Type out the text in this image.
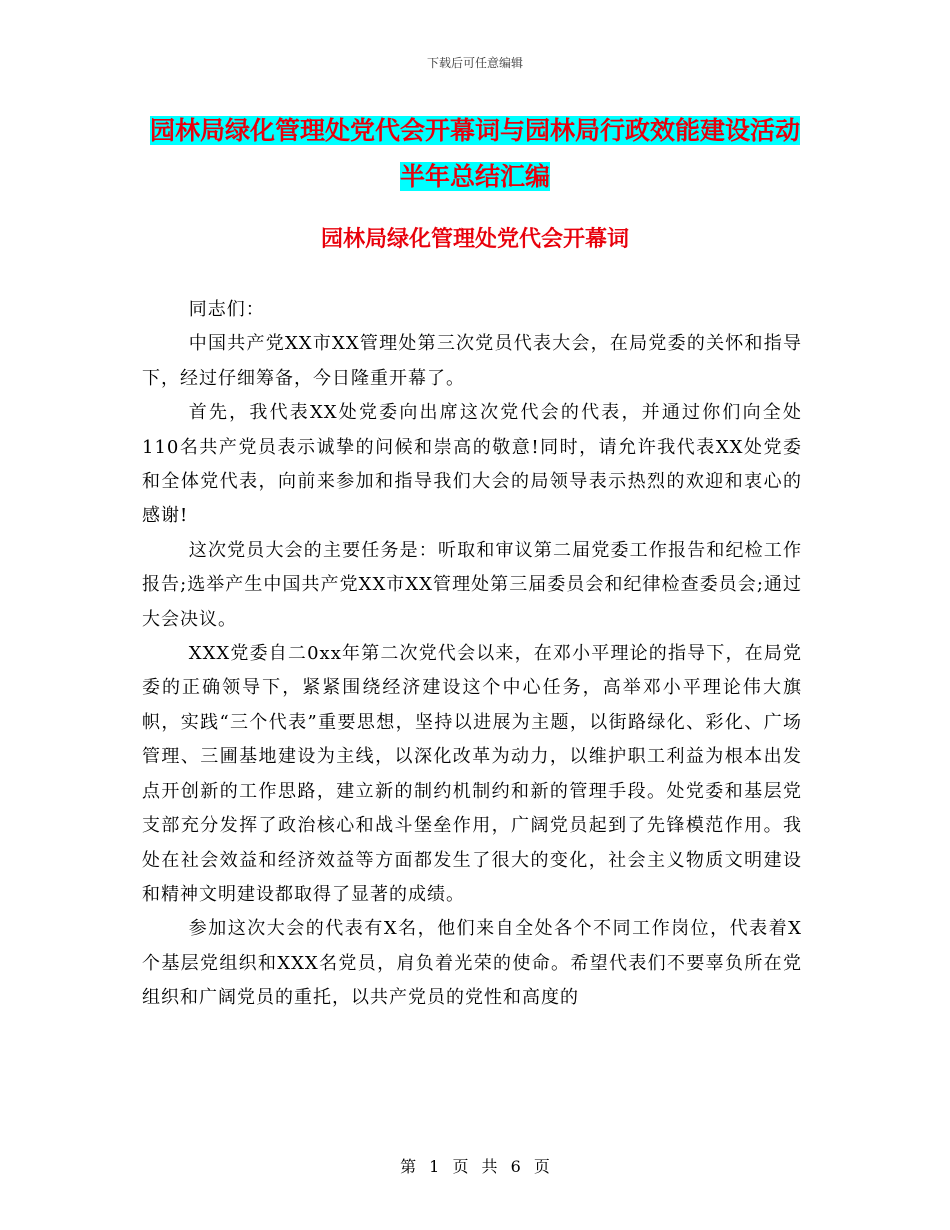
下载后可任意编辑
园林局绿化管理处党代会开幕词与园林局行政效能建设活动半年总结汇编
园林局绿化管理处党代会开幕词

同志们：

中国共产党XX市XX管理处第三次党员代表大会，在局党委的关怀和指导下，经过仔细筹备，今日隆重开幕了。

首先，我代表XX处党委向出席这次党代会的代表，并通过你们向全处110名共产党员表示诚挚的问候和崇高的敬意!同时，请允许我代表XX处党委和全体党代表，向前来参加和指导我们大会的局领导表示热烈的欢迎和衷心的感谢!

这次党员大会的主要任务是：听取和审议第二届党委工作报告和纪检工作报告;选举产生中国共产党XX市XX管理处第三届委员会和纪律检查委员会;通过大会决议。

XXX党委自二0xx年第二次党代会以来，在邓小平理论的指导下，在局党委的正确领导下，紧紧围绕经济建设这个中心任务，高举邓小平理论伟大旗帜，实践“三个代表”重要思想，坚持以进展为主题，以街路绿化、彩化、广场管理、三圃基地建设为主线，以深化改革为动力，以维护职工利益为根本出发点开创新的工作思路，建立新的制约机制约和新的管理手段。处党委和基层党支部充分发挥了政治核心和战斗堡垒作用，广阔党员起到了先锋模范作用。我处在社会效益和经济效益等方面都发生了很大的变化，社会主义物质文明建设和精神文明建设都取得了显著的成绩。

参加这次大会的代表有X名，他们来自全处各个不同工作岗位，代表着X个基层党组织和XXX名党员，肩负着光荣的使命。希望代表们不要辜负所在党组织和广阔党员的重托，以共产党员的党性和高度的

第 1 页 共 6 页
